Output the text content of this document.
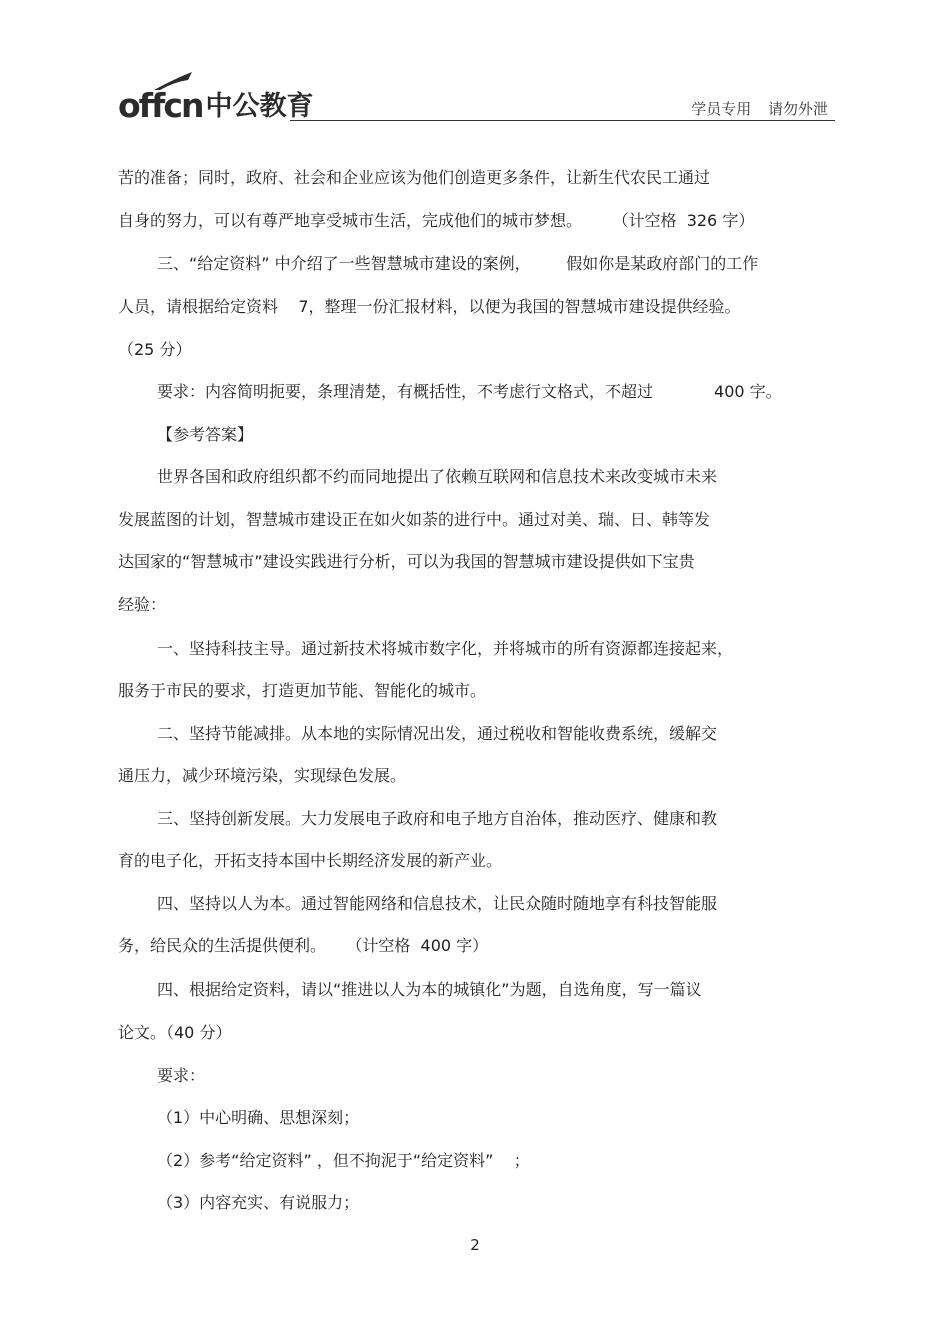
offcn 中公教育	学员专用 请勿外泄
苦的准备；同时，政府、社会和企业应该为他们创造更多条件，让新生代农民工通过
自身的努力，可以有尊严地享受城市生活，完成他们的城市梦想。      （计空格  326 字）
三、“给定资料” 中介绍了一些智慧城市建设的案例，       假如你是某政府部门的工作
人员，请根据给定资料    7，整理一份汇报材料，以便为我国的智慧城市建设提供经验。
（25 分）
要求：内容简明扼要，条理清楚，有概括性，不考虑行文格式，不超过            400 字。
【参考答案】
世界各国和政府组织都不约而同地提出了依赖互联网和信息技术来改变城市未来
发展蓝图的计划，智慧城市建设正在如火如荼的进行中。通过对美、瑞、日、韩等发
达国家的“智慧城市”建设实践进行分析，可以为我国的智慧城市建设提供如下宝贵
经验：
一、坚持科技主导。通过新技术将城市数字化，并将城市的所有资源都连接起来，
服务于市民的要求，打造更加节能、智能化的城市。
二、坚持节能减排。从本地的实际情况出发，通过税收和智能收费系统，缓解交
通压力，减少环境污染，实现绿色发展。
三、坚持创新发展。大力发展电子政府和电子地方自治体，推动医疗、健康和教
育的电子化，开拓支持本国中长期经济发展的新产业。
四、坚持以人为本。通过智能网络和信息技术，让民众随时随地享有科技智能服
务，给民众的生活提供便利。    （计空格  400 字）
四、根据给定资料，请以“推进以人为本的城镇化”为题，自选角度，写一篇议
论文。（40 分）
要求：
（1）中心明确、思想深刻；
（2）参考“给定资料” ，但不拘泥于“给定资料”    ；
（3）内容充实、有说服力；
2
